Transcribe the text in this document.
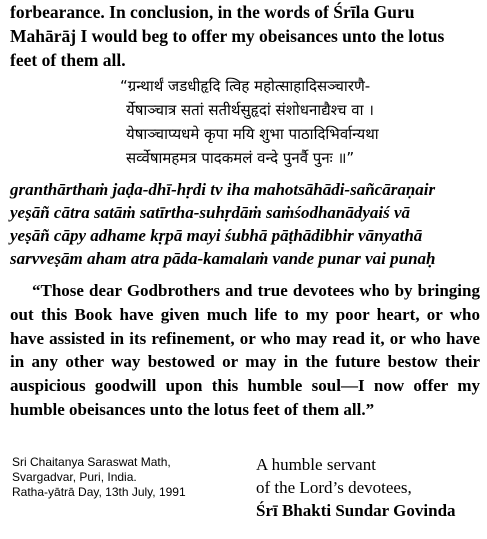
forbearance. In conclusion, in the words of Śrīla Guru
Mahārāj I would beg to offer my obeisances unto the lotus
feet of them all.
“ग्रन्थार्थं जडधीहृदि त्विह महोत्साहादिसञ्चारणै-
र्येषाञ्चात्र सतां सतीर्थसुहृदां संशोधनाद्यैश्च वा ।
येषाञ्चाप्यधमे कृपा मयि शुभा पाठादिभिर्वान्यथा
सर्व्वेषामहमत्र पादकमलं वन्दे पुनर्वै पुनः ॥”
granthārthaṁ jaḍa-dhī-hṛdi tv iha mahotsāhādi-sañcāraṇair
yeṣāñ cātra satāṁ satīrtha-suhṛdāṁ saṁśodhanādyaiś vā
yeṣāñ cāpy adhame kṛpā mayi śubhā pāṭhādibhir vānyathā
sarvveṣām aham atra pāda-kamalaṁ vande punar vai punaḥ

“Those dear Godbrothers and true devotees who by bringing out this Book have given much life to my poor heart, or who have assisted in its refinement, or who may read it, or who have in any other way bestowed or may in the future bestow their auspicious goodwill upon this humble soul—I now offer my humble obeisances unto the lotus feet of them all.”

Sri Chaitanya Saraswat Math,
Svargadvar, Puri, India.
Ratha-yātrā Day, 13th July, 1991
A humble servant
of the Lord’s devotees,
Śrī Bhakti Sundar Govinda
